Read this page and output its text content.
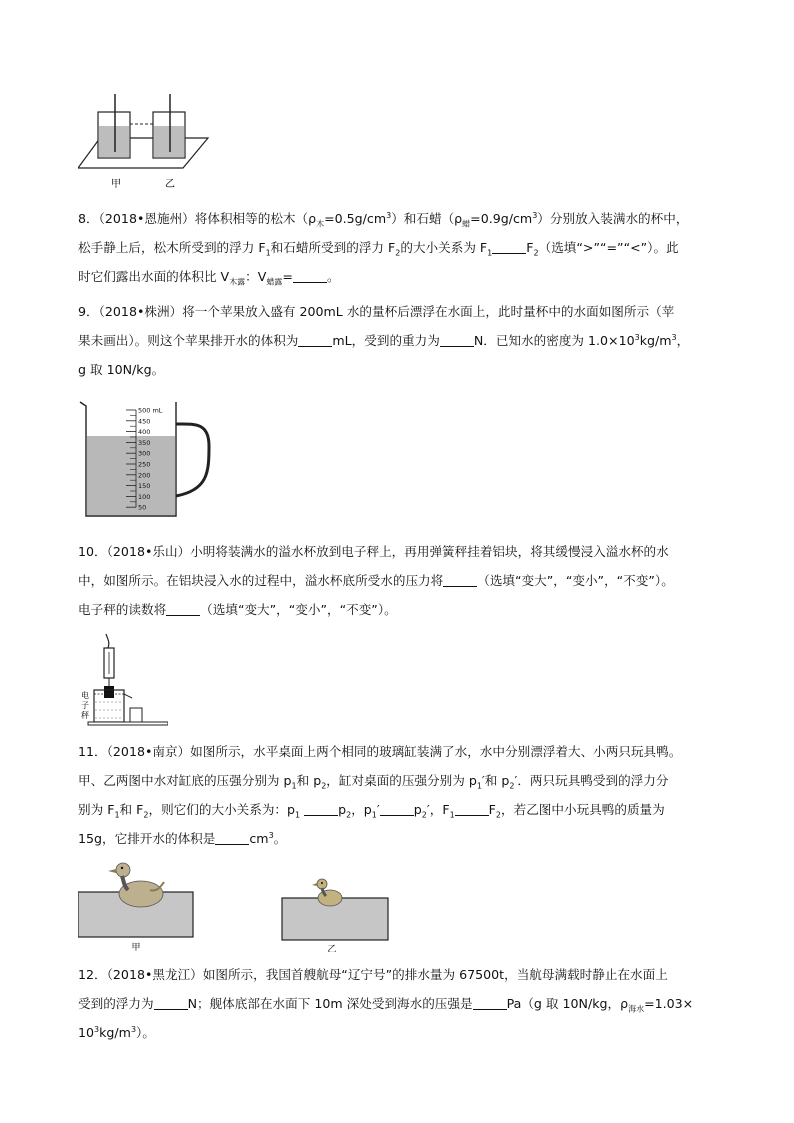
甲	乙
8．（2018•恩施州）将体积相等的松木$(\rho_木=0.5g/cm^3)$和石蜡$(\rho_蜡=0.9g/cm^3)$分别放入装满水的杯中，
松手静上后，松木所受到的浮力 $F_1$和石蜡所受到的浮力 $F_2$的大小关系为 $F_1$	$F_2$（选填“>”“=”“<”）。此
时它们露出水面的体积比 $V_{木露}$：$V_{蜡露}=$	。
9．（2018•株洲）将一个苹果放入盛有 200mL 水的量杯后漂浮在水面上，此时量杯中的水面如图所示（苹
果未画出）。则这个苹果排开水的体积为	mL，受到的重力为	N．已知水的密度为 $1.0\times 10^3kg/m^3$，
g 取 10N/kg。
500 mL
450
400
350
300
250
200
150
100
50
10．（2018•乐山）小明将装满水的溢水杯放到电子秤上，再用弹簧秤挂着铝块，将其缓慢浸入溢水杯的水
中，如图所示。在铝块浸入水的过程中，溢水杯底所受水的压力将	（选填“变大”，“变小”，“不变”）。
电子秤的读数将	（选填“变大”，“变小”，“不变”）。
电
子
秤
11．（2018•南京）如图所示，水平桌面上两个相同的玻璃缸装满了水，水中分别漂浮着大、小两只玩具鸭。
甲、乙两图中水对缸底的压强分别为 $p_1$和 $p_2$，缸对桌面的压强分别为 $p_1'$和 $p_2'$．两只玩具鸭受到的浮力分
别为 $F_1$和 $F_2$，则它们的大小关系为：$p_1$	$p_2$，$p_1'$	$p_2'$，$F_1$	$F_2$，若乙图中小玩具鸭的质量为
15g，它排开水的体积是	$cm^3$。
甲	乙
12．（2018•黑龙江）如图所示，我国首艘航母“辽宁号”的排水量为 67500t，当航母满载时静止在水面上
受到的浮力为	N；舰体底部在水面下 10m 深处受到海水的压强是	Pa（g 取 10N/kg，$\rho_{海水}=1.03\times$
$10^3kg/m^3$）。
